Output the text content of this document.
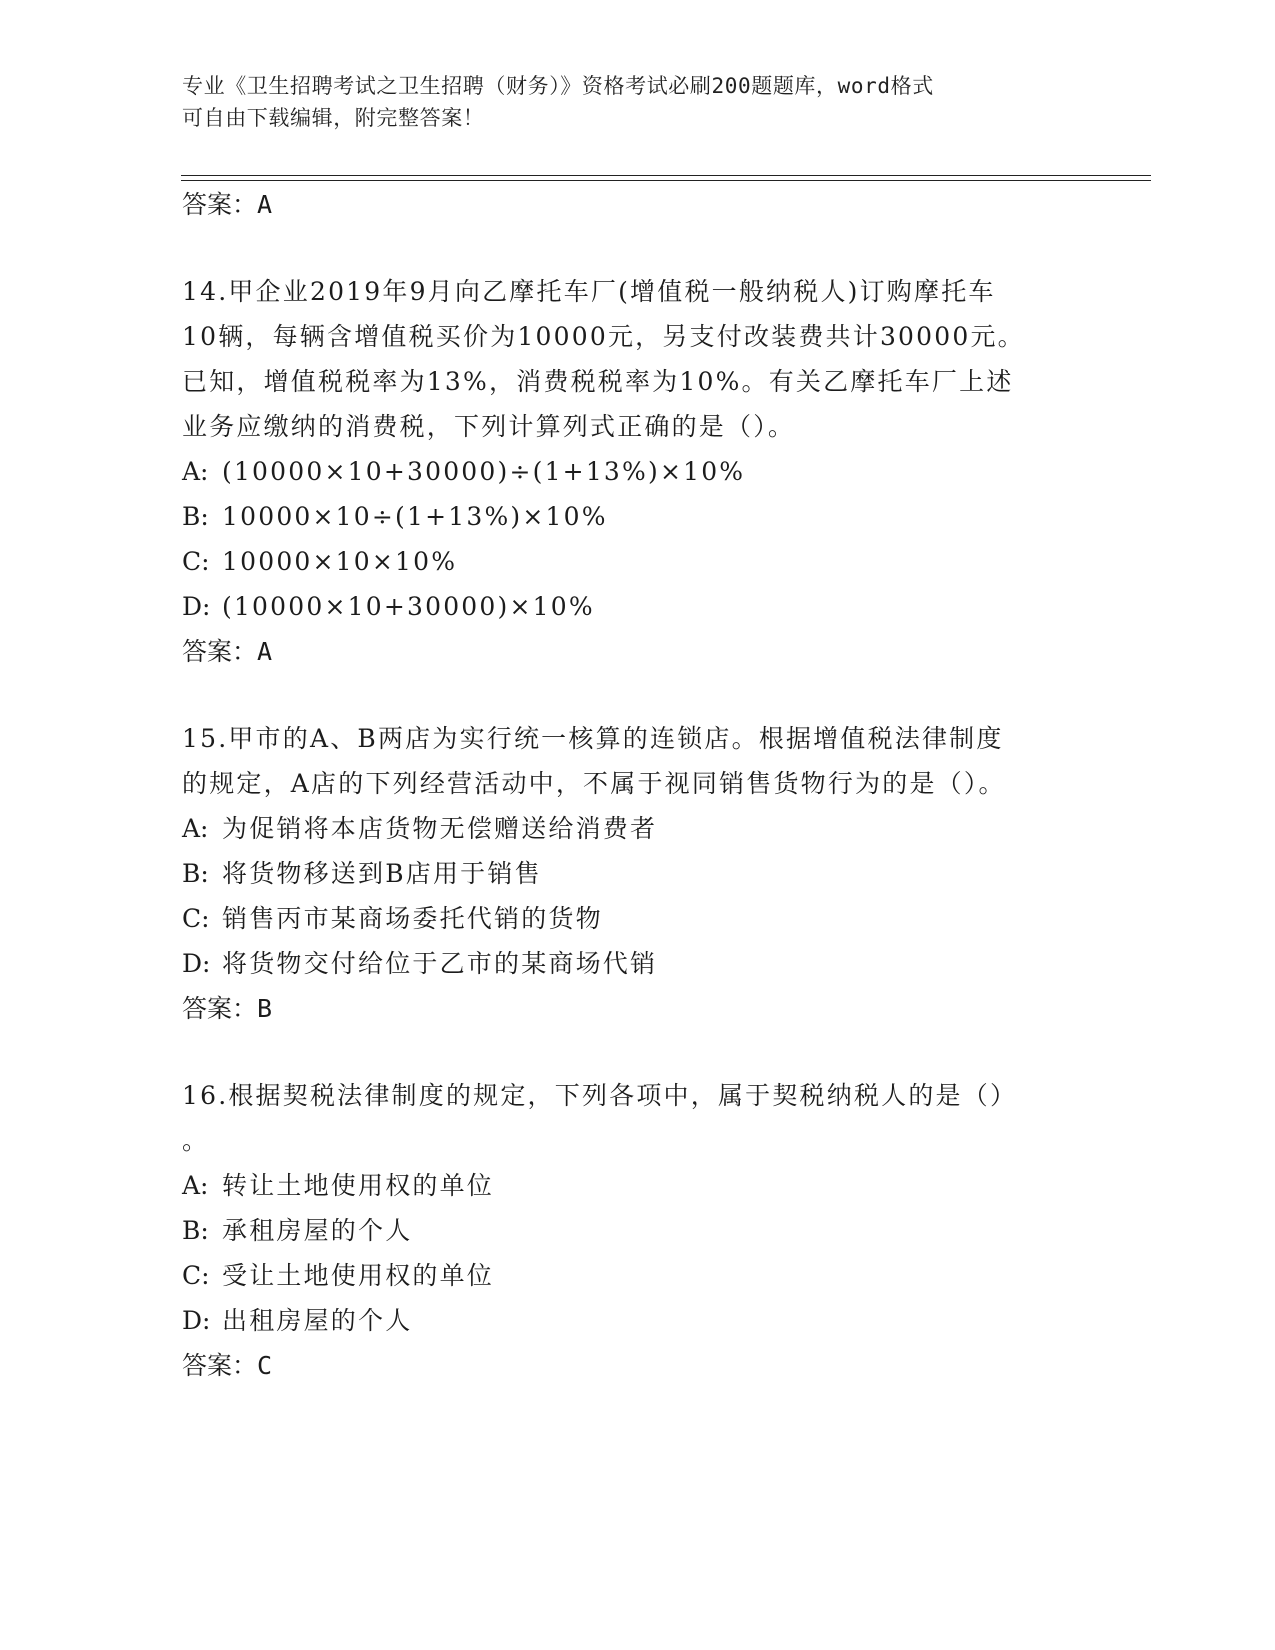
专业《卫生招聘考试之卫生招聘（财务）》资格考试必刷200题题库，word格式
可自由下载编辑，附完整答案！
答案：A
14.甲企业2019年9月向乙摩托车厂(增值税一般纳税人)订购摩托车
10辆，每辆含增值税买价为10000元，另支付改装费共计30000元。
已知，增值税税率为13%，消费税税率为10%。有关乙摩托车厂上述
业务应缴纳的消费税，下列计算列式正确的是（）。
A: (10000×10+30000)÷(1+13%)×10%
B: 10000×10÷(1+13%)×10%
C: 10000×10×10%
D: (10000×10+30000)×10%
答案：A
15.甲市的A、B两店为实行统一核算的连锁店。根据增值税法律制度
的规定，A店的下列经营活动中，不属于视同销售货物行为的是（）。
A: 为促销将本店货物无偿赠送给消费者
B: 将货物移送到B店用于销售
C: 销售丙市某商场委托代销的货物
D: 将货物交付给位于乙市的某商场代销
答案：B
16.根据契税法律制度的规定，下列各项中，属于契税纳税人的是（）
。
A: 转让土地使用权的单位
B: 承租房屋的个人
C: 受让土地使用权的单位
D: 出租房屋的个人
答案：C
